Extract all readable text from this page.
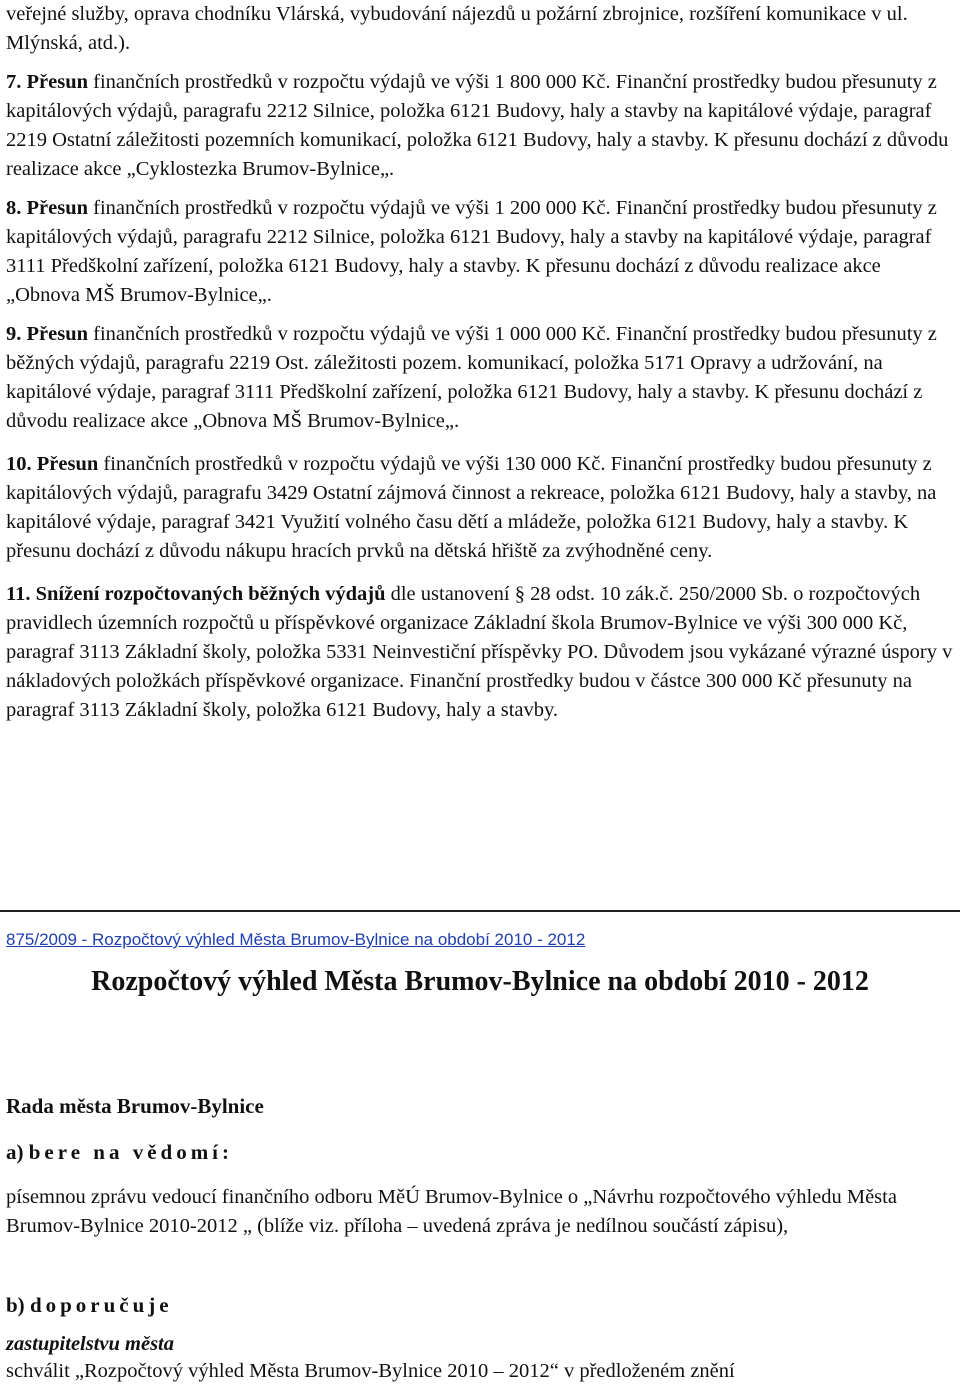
veřejné služby, oprava chodníku Vlárská, vybudování nájezdů u požární zbrojnice, rozšíření komunikace v ul. Mlýnská, atd.).

7. Přesun finančních prostředků v rozpočtu výdajů ve výši 1 800 000 Kč. Finanční prostředky budou přesunuty z kapitálových výdajů, paragrafu 2212 Silnice, položka 6121 Budovy, haly a stavby na kapitálové výdaje, paragraf 2219 Ostatní záležitosti pozemních komunikací, položka 6121 Budovy, haly a stavby. K přesunu dochází z důvodu realizace akce „Cyklostezka Brumov-Bylnice„.

8. Přesun finančních prostředků v rozpočtu výdajů ve výši 1 200 000 Kč. Finanční prostředky budou přesunuty z kapitálových výdajů, paragrafu 2212 Silnice, položka 6121 Budovy, haly a stavby na kapitálové výdaje, paragraf 3111 Předškolní zařízení, položka 6121 Budovy, haly a stavby. K přesunu dochází z důvodu realizace akce „Obnova MŠ Brumov-Bylnice„.

9. Přesun finančních prostředků v rozpočtu výdajů ve výši 1 000 000 Kč. Finanční prostředky budou přesunuty z běžných výdajů, paragrafu 2219 Ost. záležitosti pozem. komunikací, položka 5171 Opravy a udržování, na kapitálové výdaje, paragraf 3111 Předškolní zařízení, položka 6121 Budovy, haly a stavby. K přesunu dochází z důvodu realizace akce „Obnova MŠ Brumov-Bylnice„.

10. Přesun finančních prostředků v rozpočtu výdajů ve výši 130 000 Kč. Finanční prostředky budou přesunuty z kapitálových výdajů, paragrafu 3429 Ostatní zájmová činnost a rekreace, položka 6121 Budovy, haly a stavby, na kapitálové výdaje, paragraf 3421 Využití volného času dětí a mládeže, položka 6121 Budovy, haly a stavby. K přesunu dochází z důvodu nákupu hracích prvků na dětská hřiště za zvýhodněné ceny.

11. Snížení rozpočtovaných běžných výdajů dle ustanovení § 28 odst. 10 zák.č. 250/2000 Sb. o rozpočtových pravidlech územních rozpočtů u příspěvkové organizace Základní škola Brumov-Bylnice ve výši 300 000 Kč, paragraf 3113 Základní školy, položka 5331 Neinvestiční příspěvky PO. Důvodem jsou vykázané výrazné úspory v nákladových položkách příspěvkové organizace. Finanční prostředky budou v částce 300 000 Kč přesunuty na paragraf 3113 Základní školy, položka 6121 Budovy, haly a stavby.

875/2009 - Rozpočtový výhled Města Brumov-Bylnice na období 2010 - 2012
Rozpočtový výhled Města Brumov-Bylnice na období 2010 - 2012
Rada města Brumov-Bylnice
a) bere na vědomí:
písemnou zprávu vedoucí finančního odboru MěÚ Brumov-Bylnice o „Návrhu rozpočtového výhledu Města Brumov-Bylnice 2010-2012 „ (blíže viz. příloha – uvedená zpráva je nedílnou součástí zápisu),
b) doporučuje
zastupitelstvu města
schválit „Rozpočtový výhled Města Brumov-Bylnice 2010 – 2012“ v předloženém znění
